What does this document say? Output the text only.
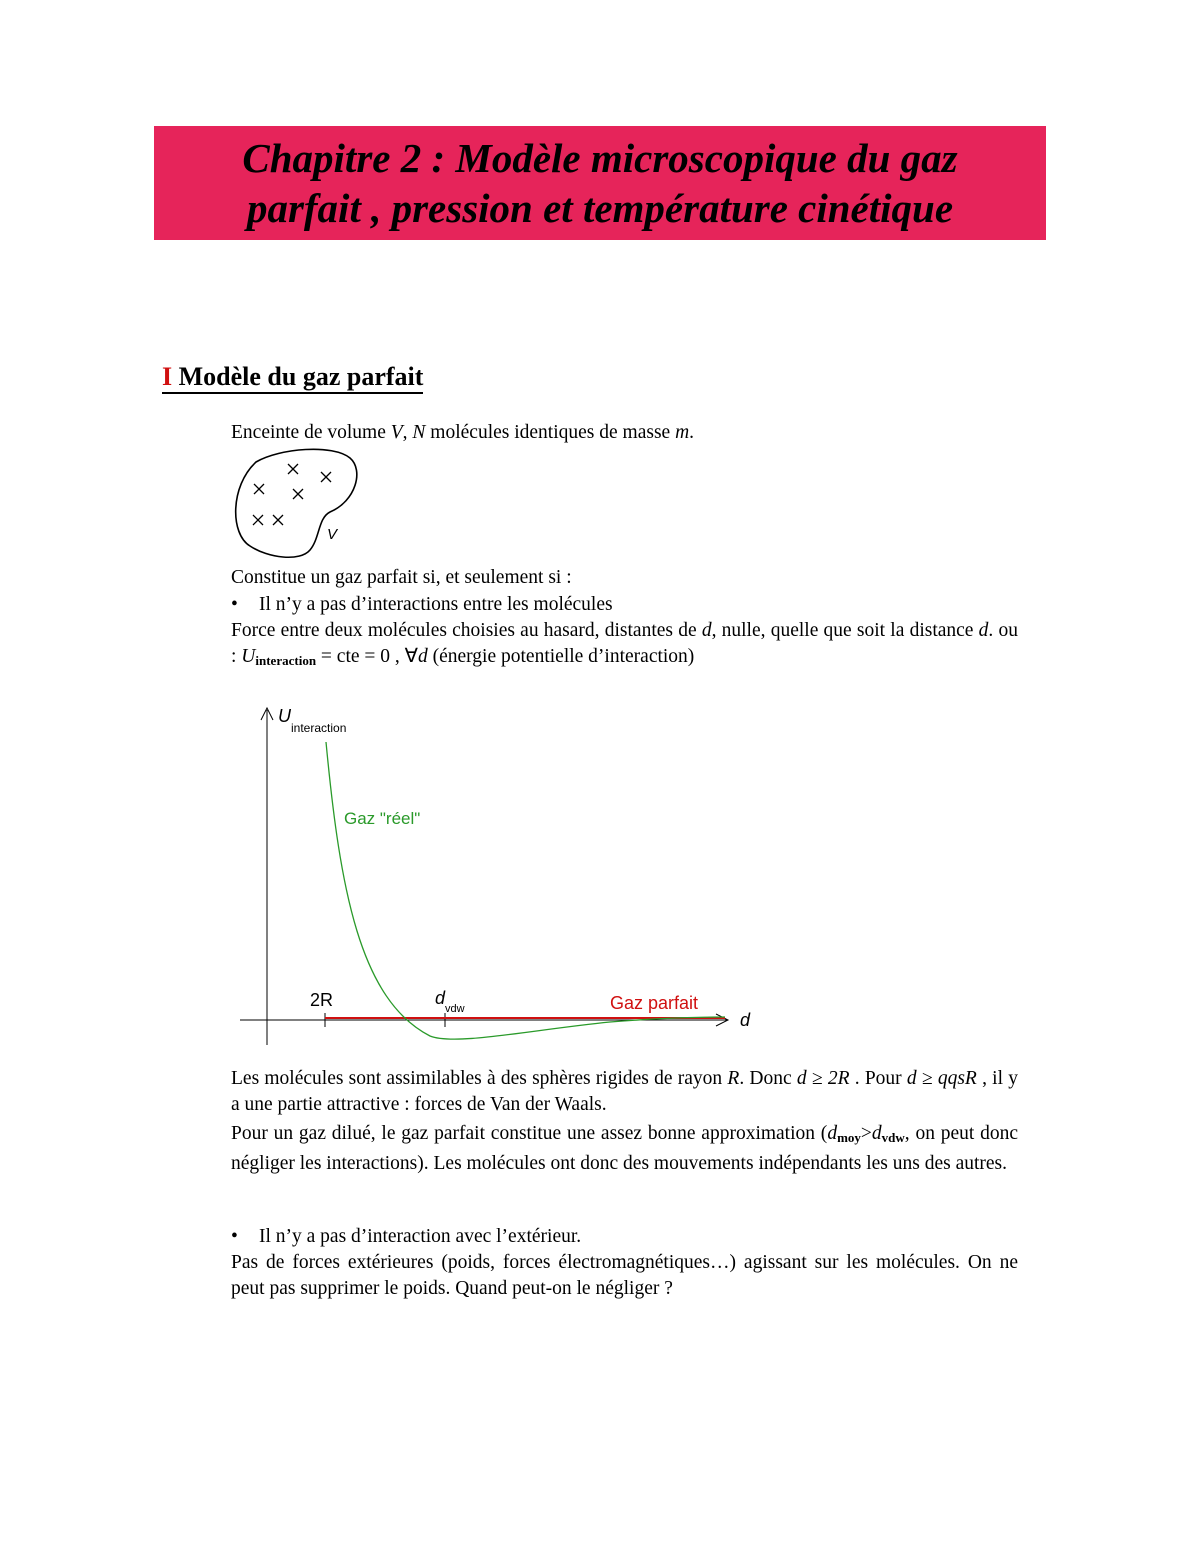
Chapitre 2 : Modèle microscopique du gaz
parfait , pression et température cinétique
I Modèle du gaz parfait
Enceinte de volume V, N molécules identiques de masse m.
V
Constitue un gaz parfait si, et seulement si :
• Il n’y a pas d’interactions entre les molécules
Force entre deux molécules choisies au hasard, distantes de d, nulle, quelle que soit la distance d. ou : $U_{interaction}$ = cte = 0 , ∀d (énergie potentielle d’interaction)
U
interaction
d
2R	d
vdw	Gaz parfait
Gaz "réel"
Les molécules sont assimilables à des sphères rigides de rayon R. Donc d ≥ 2R . Pour d ≥ qqsR , il y a une partie attractive : forces de Van der Waals.
Pour un gaz dilué, le gaz parfait constitue une assez bonne approximation ($d_{moy}>d_{vdw}$, on peut donc négliger les interactions). Les molécules ont donc des mouvements indépendants les uns des autres.
• Il n’y a pas d’interaction avec l’extérieur.
Pas de forces extérieures (poids, forces électromagnétiques…) agissant sur les molécules. On ne peut pas supprimer le poids. Quand peut-on le négliger ?
